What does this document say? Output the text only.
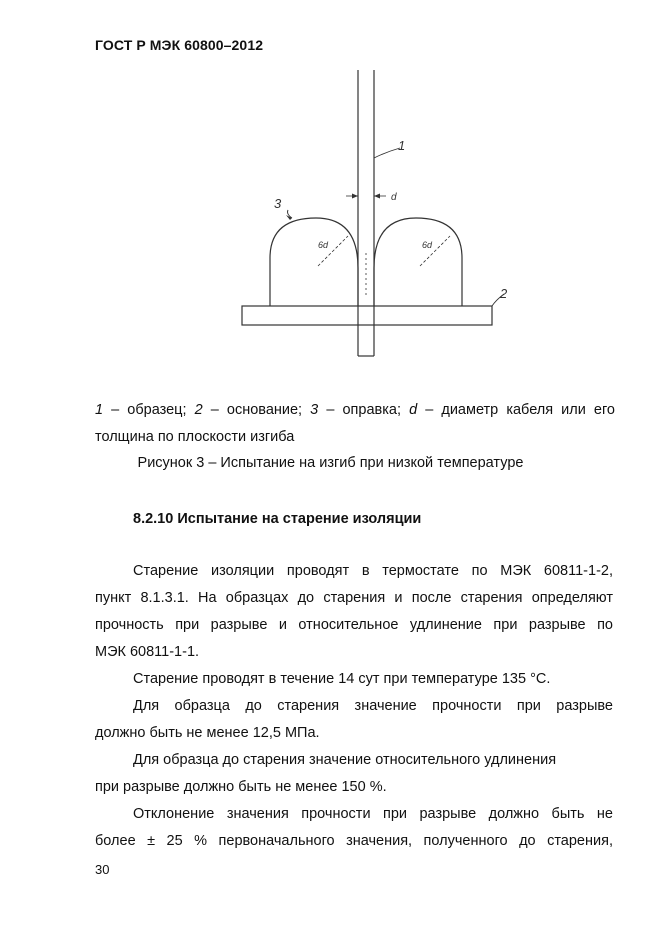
ГОСТ Р МЭК 60800–2012
1
3
2
d
6d	6d
1 – образец; 2 – основание; 3 – оправка; d – диаметр кабеля или его
толщина по плоскости изгиба
Рисунок 3 – Испытание на изгиб при низкой температуре
8.2.10 Испытание на старение изоляции
Старение изоляции проводят в термостате по МЭК 60811-1-2,
пункт 8.1.3.1. На образцах до старения и после старения определяют
прочность при разрыве и относительное удлинение при разрыве по
МЭК 60811-1-1.
Старение проводят в течение 14 сут при температуре 135 °С.
Для образца до старения значение прочности при разрыве
должно быть не менее 12,5 МПа.
Для образца до старения значение относительного удлинения
при разрыве должно быть не менее 150 %.
Отклонение значения прочности при разрыве должно быть не
более ± 25 % первоначального значения, полученного до старения,
30
